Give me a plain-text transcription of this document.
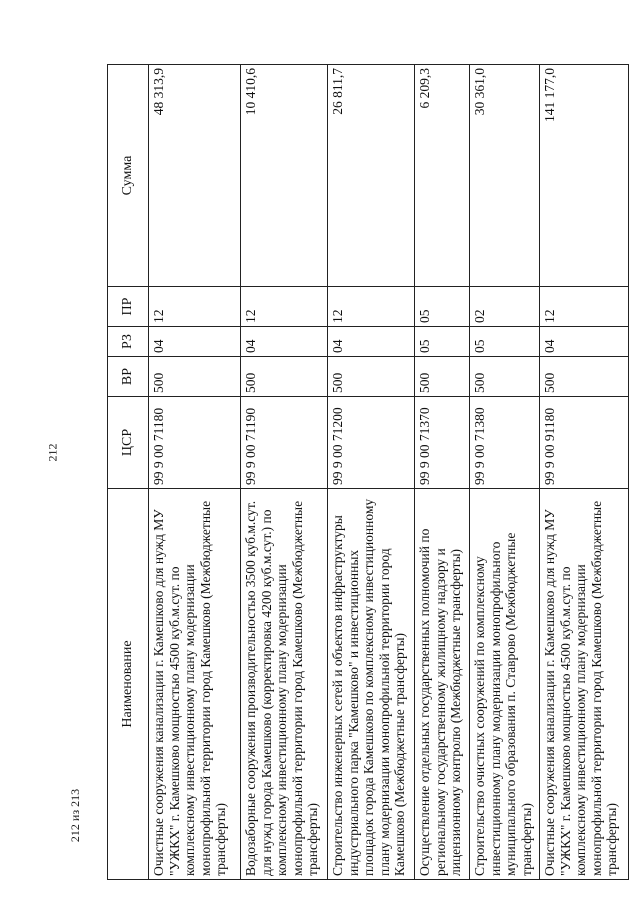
212
212 из 213
Наименование	ЦСР	ВР	РЗ	ПР	Сумма
Очистные сооружения канализации г. Камешково для нужд МУ "УЖКХ" г. Камешково мощностью 4500 куб.м.сут. по комплексному инвестиционному плану модернизации монопрофильной территории город Камешково (Межбюджетные трансферты)	99 9 00 71180	500	04	12	48 313,9
Водозаборные сооружения производительностью 3500 куб.м.сут. для нужд города Камешково (корректировка 4200 куб.м.сут.) по комплексному инвестиционному плану модернизации монопрофильной территории город Камешково (Межбюджетные трансферты)	99 9 00 71190	500	04	12	10 410,6
Строительство инженерных сетей и объектов инфраструктуры индустриального парка "Камешково" и инвестиционных площадок города Камешково по комплексному инвестиционному плану модернизации монопрофильной территории город Камешково (Межбюджетные трансферты)	99 9 00 71200	500	04	12	26 811,7
Осуществление отдельных государственных полномочий по региональному государственному жилищному надзору и лицензионному контролю (Межбюджетные трансферты)	99 9 00 71370	500	05	05	6 209,3
Строительство очистных сооружений по комплексному инвестиционному плану модернизации монопрофильного муниципального образования п. Ставрово (Межбюджетные трансферты)	99 9 00 71380	500	05	02	30 361,0
Очистные сооружения канализации г. Камешково для нужд МУ "УЖКХ" г. Камешково мощностью 4500 куб.м.сут. по комплексному инвестиционному плану модернизации монопрофильной территории город Камешково (Межбюджетные трансферты)	99 9 00 91180	500	04	12	141 177,0
